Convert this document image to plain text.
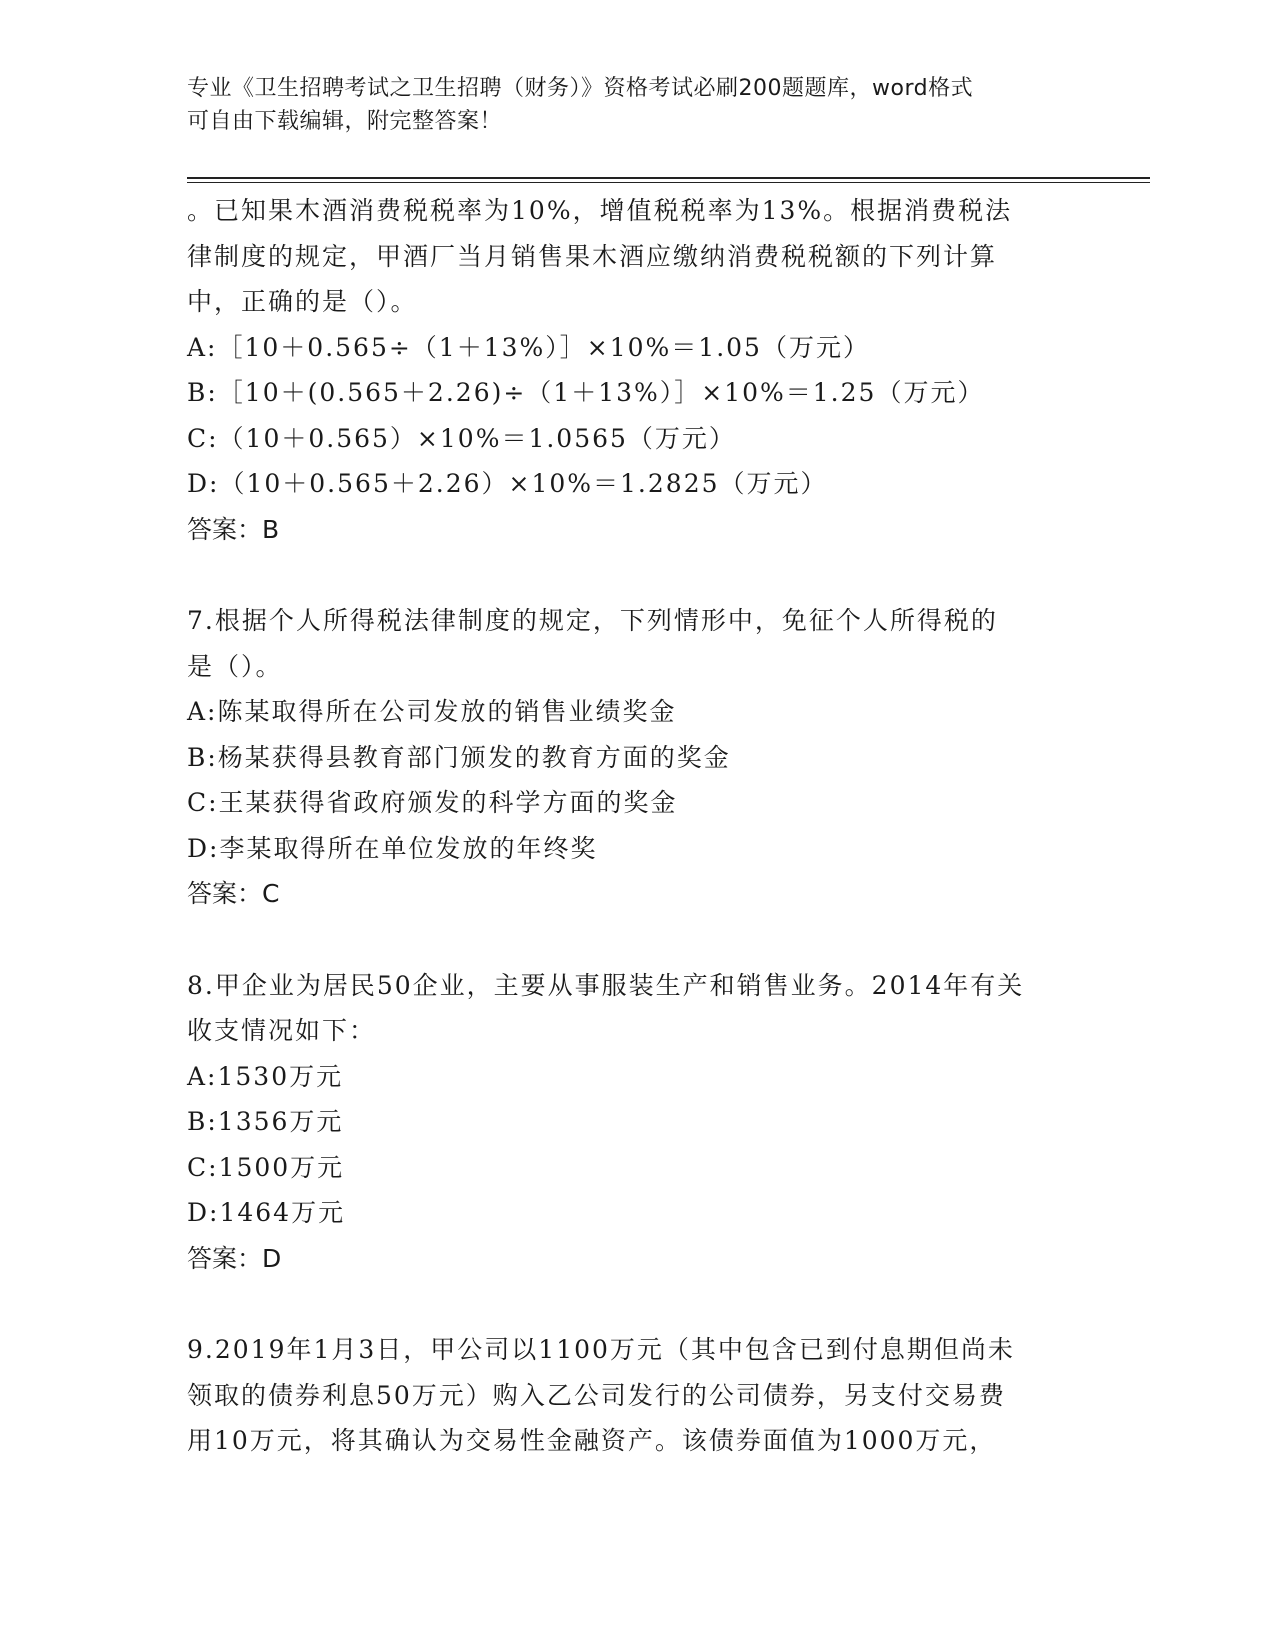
专业《卫生招聘考试之卫生招聘（财务）》资格考试必刷200题题库，word格式
可自由下载编辑，附完整答案！
。已知果木酒消费税税率为10%，增值税税率为13%。根据消费税法
律制度的规定，甲酒厂当月销售果木酒应缴纳消费税税额的下列计算
中，正确的是（）。
A:［10＋0.565÷（1＋13%）］×10%＝1.05（万元）
B:［10＋(0.565＋2.26)÷（1＋13%）］×10%＝1.25（万元）
C:（10＋0.565）×10%＝1.0565（万元）
D:（10＋0.565＋2.26）×10%＝1.2825（万元）
答案：B
7.根据个人所得税法律制度的规定，下列情形中，免征个人所得税的
是（）。
A:陈某取得所在公司发放的销售业绩奖金
B:杨某获得县教育部门颁发的教育方面的奖金
C:王某获得省政府颁发的科学方面的奖金
D:李某取得所在单位发放的年终奖
答案：C
8.甲企业为居民50企业，主要从事服装生产和销售业务。2014年有关
收支情况如下：
A:1530万元
B:1356万元
C:1500万元
D:1464万元
答案：D
9.2019年1月3日，甲公司以1100万元（其中包含已到付息期但尚未
领取的债券利息50万元）购入乙公司发行的公司债券，另支付交易费
用10万元，将其确认为交易性金融资产。该债券面值为1000万元，
